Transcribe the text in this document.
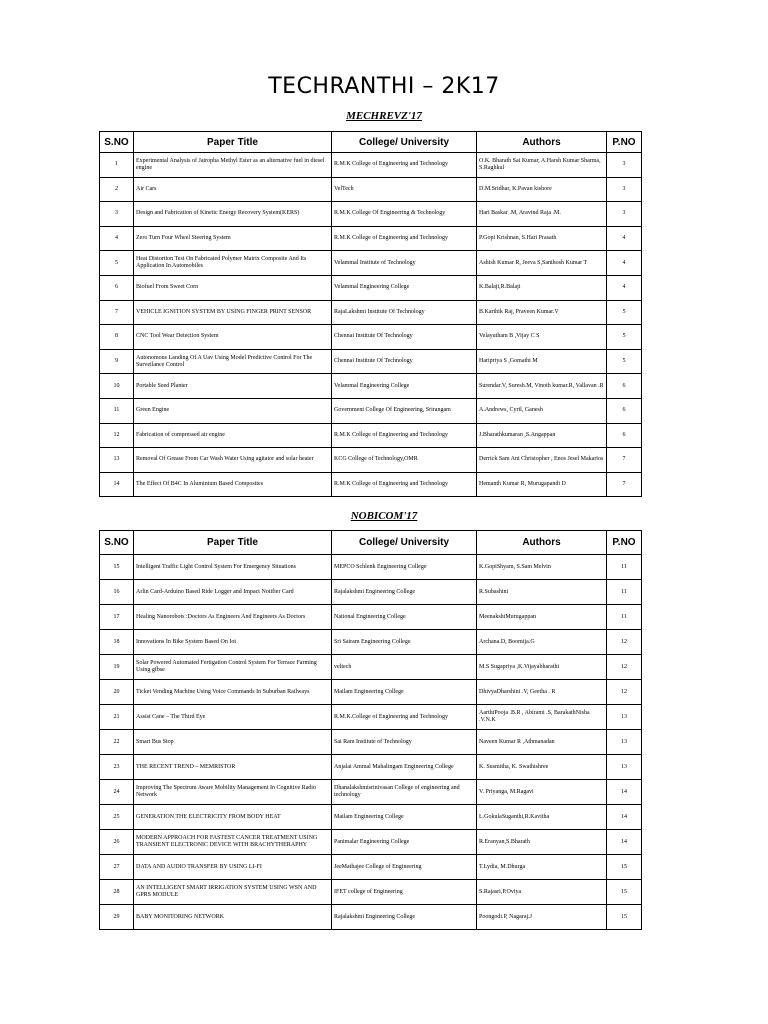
TECHRANTHI – 2K17
MECHREVZ'17
S.NO	Paper Title	College/ University	Authors	P.NO
1	Experimental Analysis of Jatropha Methyl Ester as an alternative fuel in diesel engine	R.M.K College of Engineering and Technology	O.K. Bharath Sai Kumar, A.Harsh Kumar Sharma, S.Raghkul	3
2	Air Cars	VelTech	D.M.Sridhar, K.Pavan kishore	3
3	Design and Fabrication of Kinetic Energy Recovery System(KERS)	R.M.K College Of Engineering & Technology	Hari Baskar .M, Aravind Raja .M.	3
4	Zero Turn Four Wheel Steering System	R.M.K College of Engineering and Technology	P.Gopi Krishnan, S.Hari Prasath	4
5	Heat Distortion Test On Fabricated Polymer Matrix Composite And Its Application In Automobiles	Velammal Institute of Technology	Ashish Kumar R, Jeeva S,Santhosh Kumar T	4
6	Biofuel From Sweet Corn	Velammal Engineering College	K.Balaji,R.Balaji	4
7	VEHICLE IGNITION SYSTEM BY USING FINGER PRINT SENSOR	RajaLakshmi Institute Of Technology	B.Karthik Raj, Praveen Kumar.V	5
8	CNC Tool Wear Detection System	Chennai Institute Of Technology	Velayutham B ,Vijay C S	5
9	Autonomous Landing Of A Uav Using Model Predictive Control For The Surveilance Control	Chennai Institute Of Technology	Haripriya S ,Gomathi M	5
10	Portable Seed Planter	Velammal Engineering College	Surendar.V, Suresh.M, Vinoth kumar.R, Vallavan .R	6
11	Green Engine	Government College Of Engineering, Srirangam	A.Andrews, Cyril, Ganesh	6
12	Fabrication of compressed air engine	R.M.K College of Engineering and Technology	J.Bharathkumaran ,S.Angappan	6
13	Removal Of Grease From Car Wash Water Using agitator and solar heater	KCG College of Technology,OMR	Derrick Sam Ani Christopher , Enos Jesel Makarios	7
14	The Effect Of B4C In Aluminium Based Composites	R.M.K College of Engineering and Technology	Hemanth Kumar R, Murugapandi D	7
NOBICOM'17
S.NO	Paper Title	College/ University	Authors	P.NO
15	Intelligent Traffic Light Control System For Emergency Situations	MEPCO Schlenk Engineering College	K.GopiShyam, S.Sam Melvin	11
16	Arlin Card-Arduino Based Ride Logger and Impact Notifier Card	Rajalakshmi Engineering College	R.Subashini	11
17	Healing Nanorobots :Doctors As Engineers And Engineers As Doctors	National Engineering College	MeenakshiMurugappan	11
18	Innovations In Bike System Based On Iot	Sri Sairam Engineering College	Archana.D, Boomija.G	12
19	Solar Powered Automated Fertigation Control System For Terrace Farming Using gfbse	veltech	M.S Sugapriya ,K.Vijayabharathi	12
20	Ticket Vending Machine Using Voice Commands In Suburban Railways	Mailam Engineering College	DhivyaDharshini .V, Geetha . R	12
21	Assist Cane – The Third Eye	R.M.K.College of Engineering and Technology	AarthiPooja .B.R , Abirami .S, BarakathNisha .V.N.K	13
22	Smart Bus Stop	Sai Ram Institute of Technology	Naveen Kumar R ,Athmanadan	13
23	THE RECENT TREND – MEMRISTOR	Anjalai Ammal Mahalingam Engineering College	K. Susmitha, K. Swathishree	13
24	Improving The Spectrum Aware Mobility Management In Cognitive Radio Network	Dhanalakshmisrinivasan College of engineering and technology	V. Priyanga, M.Ragavi	14
25	GENERATION THE ELECTRICITY FROM BODY HEAT	Mailam Engineering College	L.GokulaSuganthi,R.Kavitha	14
26	MODERN APPROACH FOR FASTEST CANCER TREATMENT USING TRANSIENT ELECTRONIC DEVICE WITH BRACHYTHERAPHY	Panimalar Engineering College	R.Eranyan,S.Bharath	14
27	DATA AND AUDIO TRANSFER BY USING LI-FI	JeeMathajee College of Engineering	T.Lydia, M.Dhurga	15
28	AN INTELLIGENT SMART IRRIGATION SYSTEM USING WSN AND GPRS MODULE	IFET college of Engineering	S.Rajasri,P.Oviya	15
29	BABY MONITORING NETWORK	Rajalakshmi Engineering College	Poongodi.P, Nagaraj.J	15
